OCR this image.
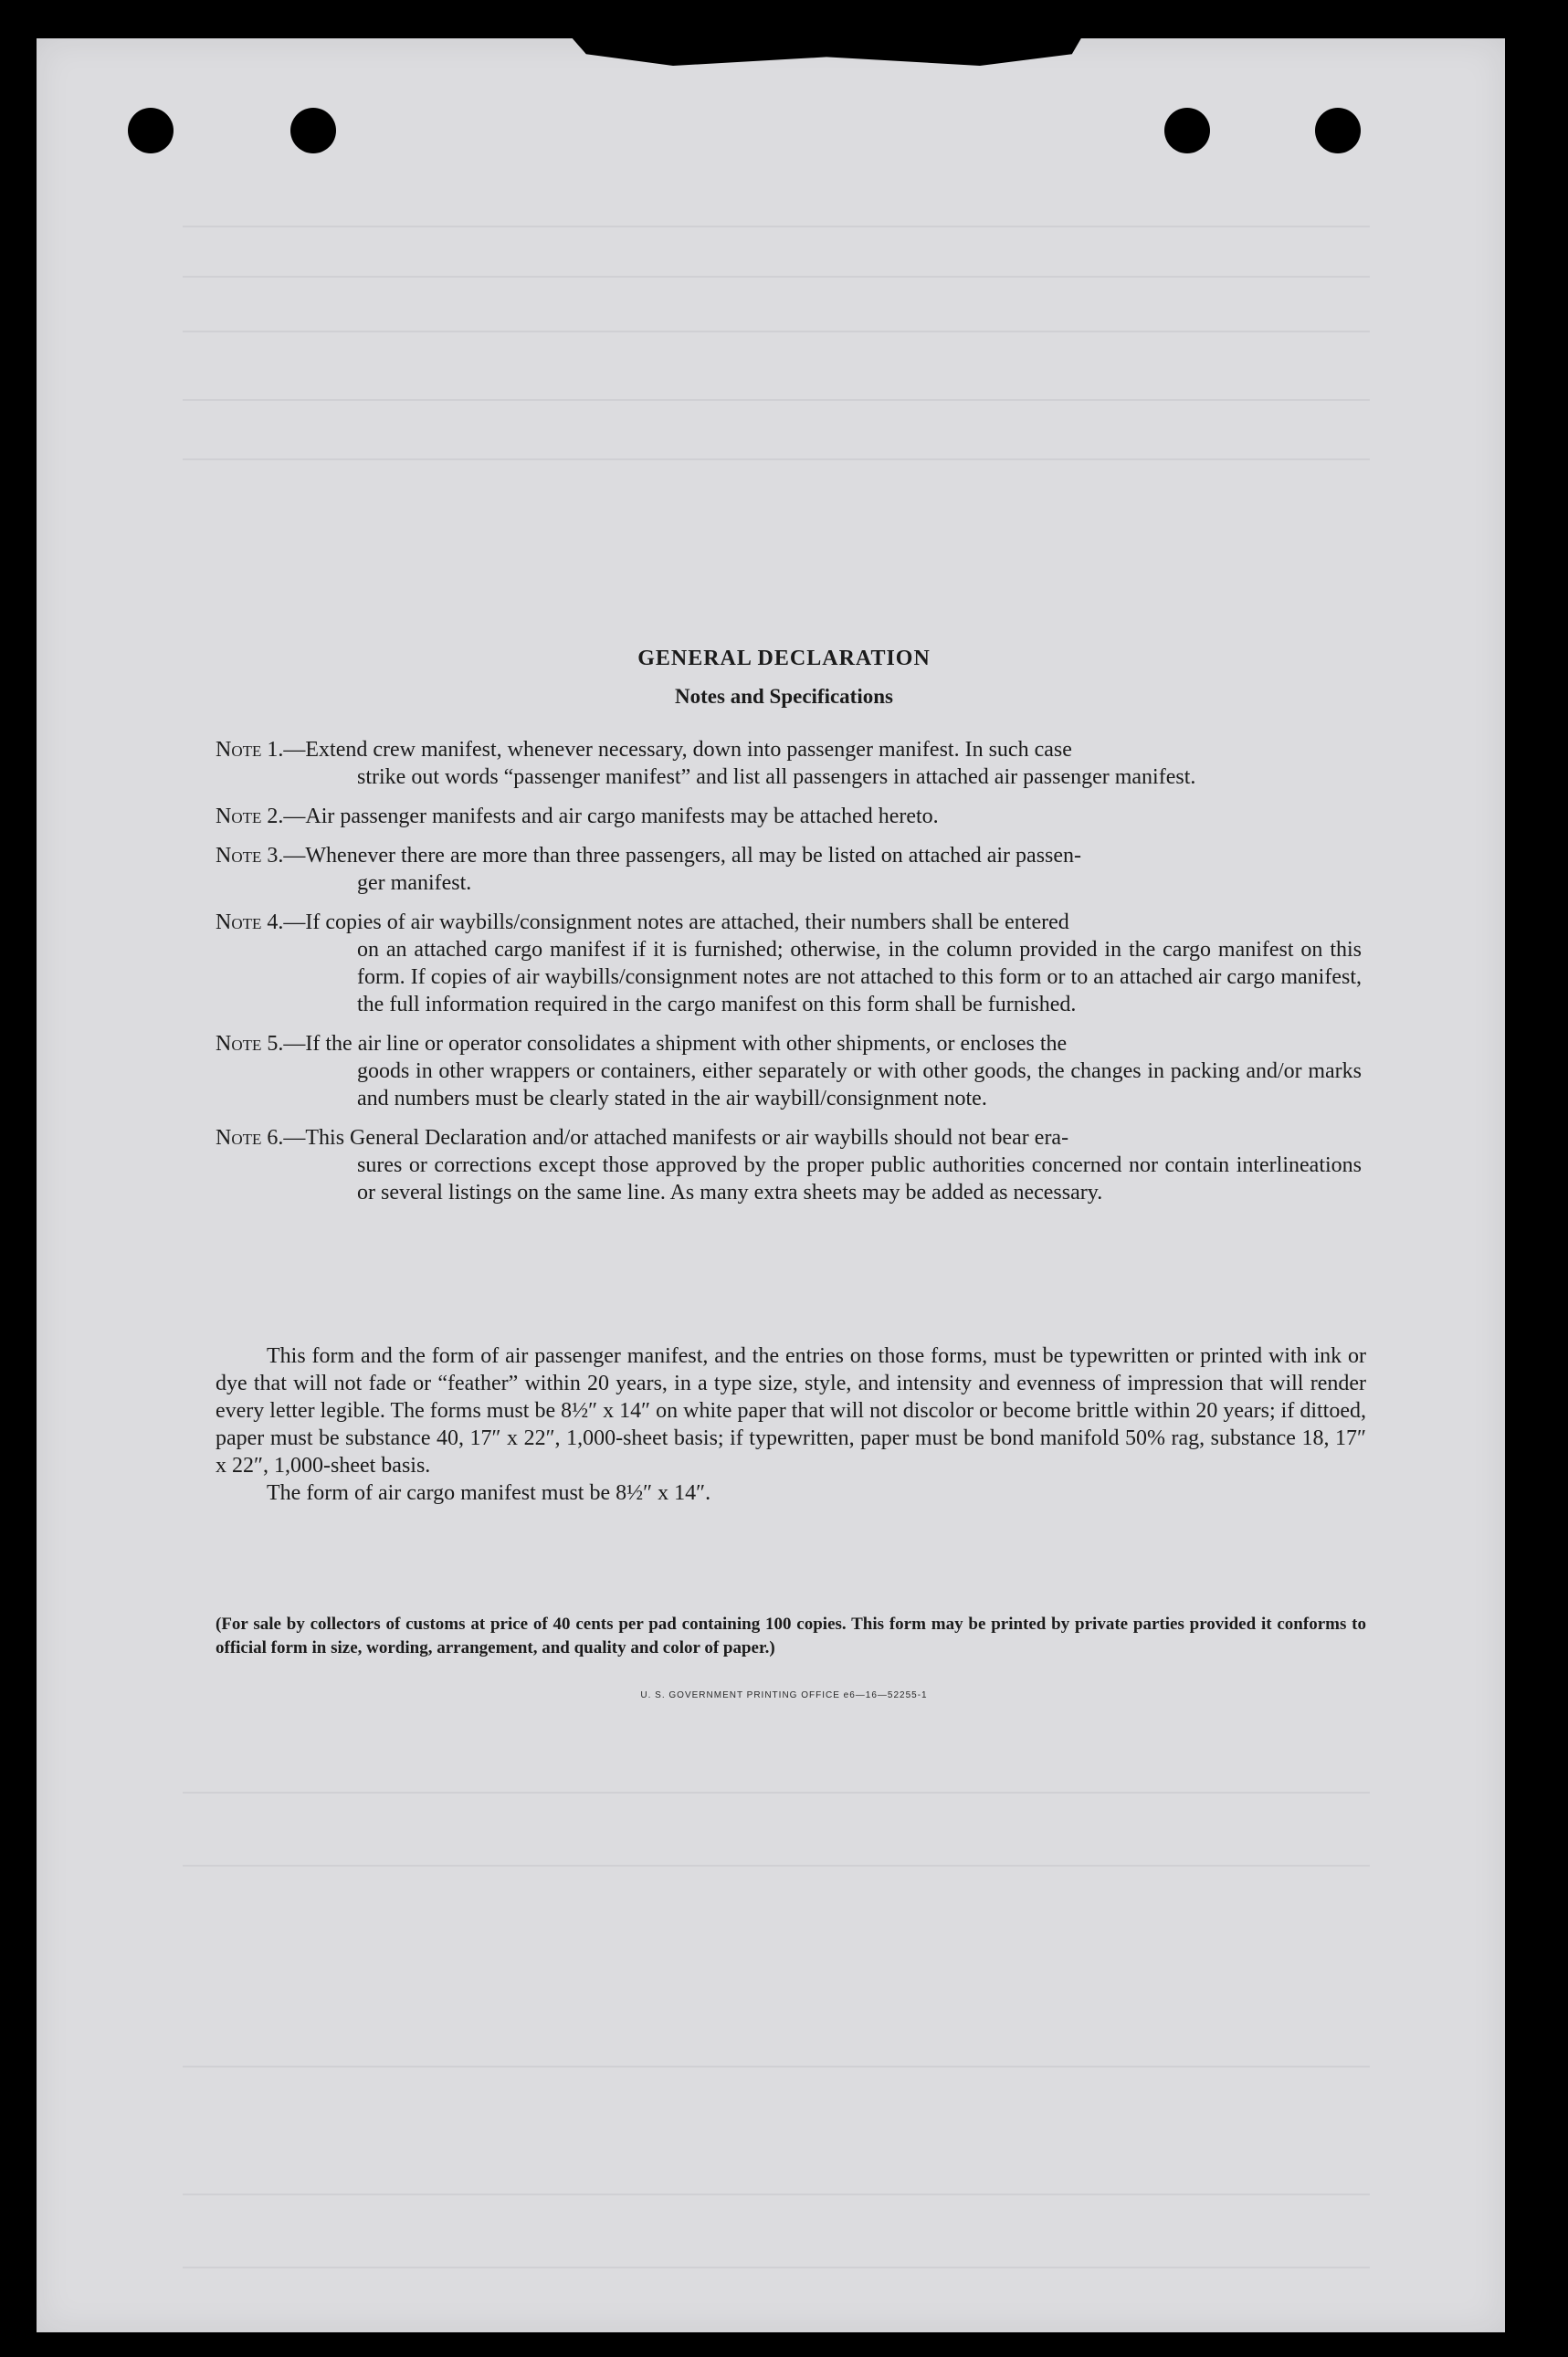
GENERAL DECLARATION
Notes and Specifications
Note 1.—Extend crew manifest, whenever necessary, down into passenger manifest. In such case
strike out words “passenger manifest” and list all passengers in attached air passenger manifest.
Note 2.—Air passenger manifests and air cargo manifests may be attached hereto.
Note 3.—Whenever there are more than three passengers, all may be listed on attached air passen-
ger manifest.
Note 4.—If copies of air waybills/consignment notes are attached, their numbers shall be entered
on an attached cargo manifest if it is furnished; otherwise, in the column provided in the cargo manifest on this form. If copies of air waybills/consignment notes are not attached to this form or to an attached air cargo manifest, the full information required in the cargo manifest on this form shall be furnished.
Note 5.—If the air line or operator consolidates a shipment with other shipments, or encloses the
goods in other wrappers or containers, either separately or with other goods, the changes in packing and/or marks and numbers must be clearly stated in the air waybill/consignment note.
Note 6.—This General Declaration and/or attached manifests or air waybills should not bear era-
sures or corrections except those approved by the proper public authorities concerned nor contain interlineations or several listings on the same line. As many extra sheets may be added as necessary.
This form and the form of air passenger manifest, and the entries on those forms, must be typewritten or printed with ink or dye that will not fade or “feather” within 20 years, in a type size, style, and intensity and evenness of impression that will render every letter legible. The forms must be 8½″ x 14″ on white paper that will not discolor or become brittle within 20 years; if dittoed, paper must be substance 40, 17″ x 22″, 1,000-sheet basis; if typewritten, paper must be bond manifold 50% rag, substance 18, 17″ x 22″, 1,000-sheet basis.
The form of air cargo manifest must be 8½″ x 14″.
(For sale by collectors of customs at price of 40 cents per pad containing 100 copies. This form may be printed by private parties provided it conforms to official form in size, wording, arrangement, and quality and color of paper.)
U. S. GOVERNMENT PRINTING OFFICE e6—16—52255-1
